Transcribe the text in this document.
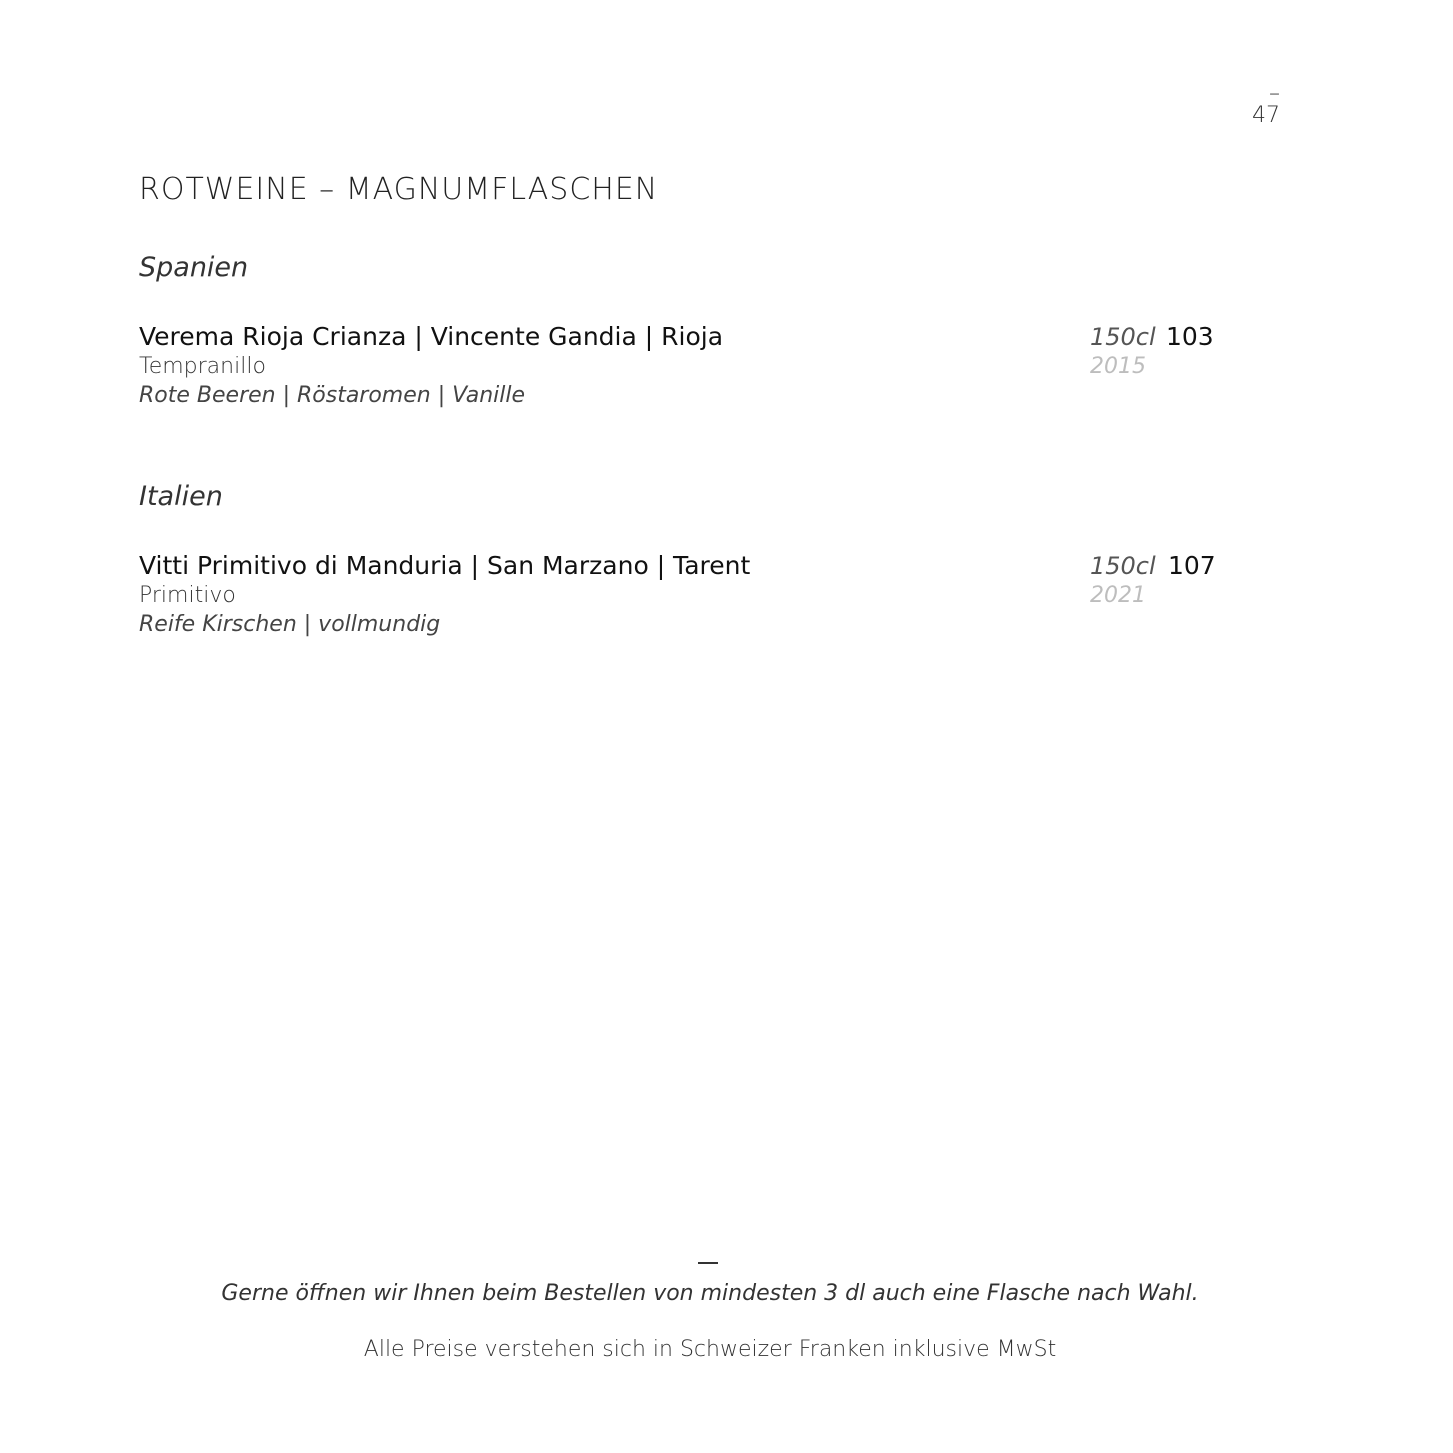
–
47
ROTWEINE – MAGNUMFLASCHEN
Spanien
Verema Rioja Crianza | Vincente Gandia | Rioja
Tempranillo
Rote Beeren | Röstaromen | Vanille
150cl 103
2015
Italien
Vitti Primitivo di Manduria | San Marzano | Tarent
Primitivo
Reife Kirschen | vollmundig
150cl 107
2021
Gerne öffnen wir Ihnen beim Bestellen von mindesten 3 dl auch eine Flasche nach Wahl.
Alle Preise verstehen sich in Schweizer Franken inklusive MwSt
